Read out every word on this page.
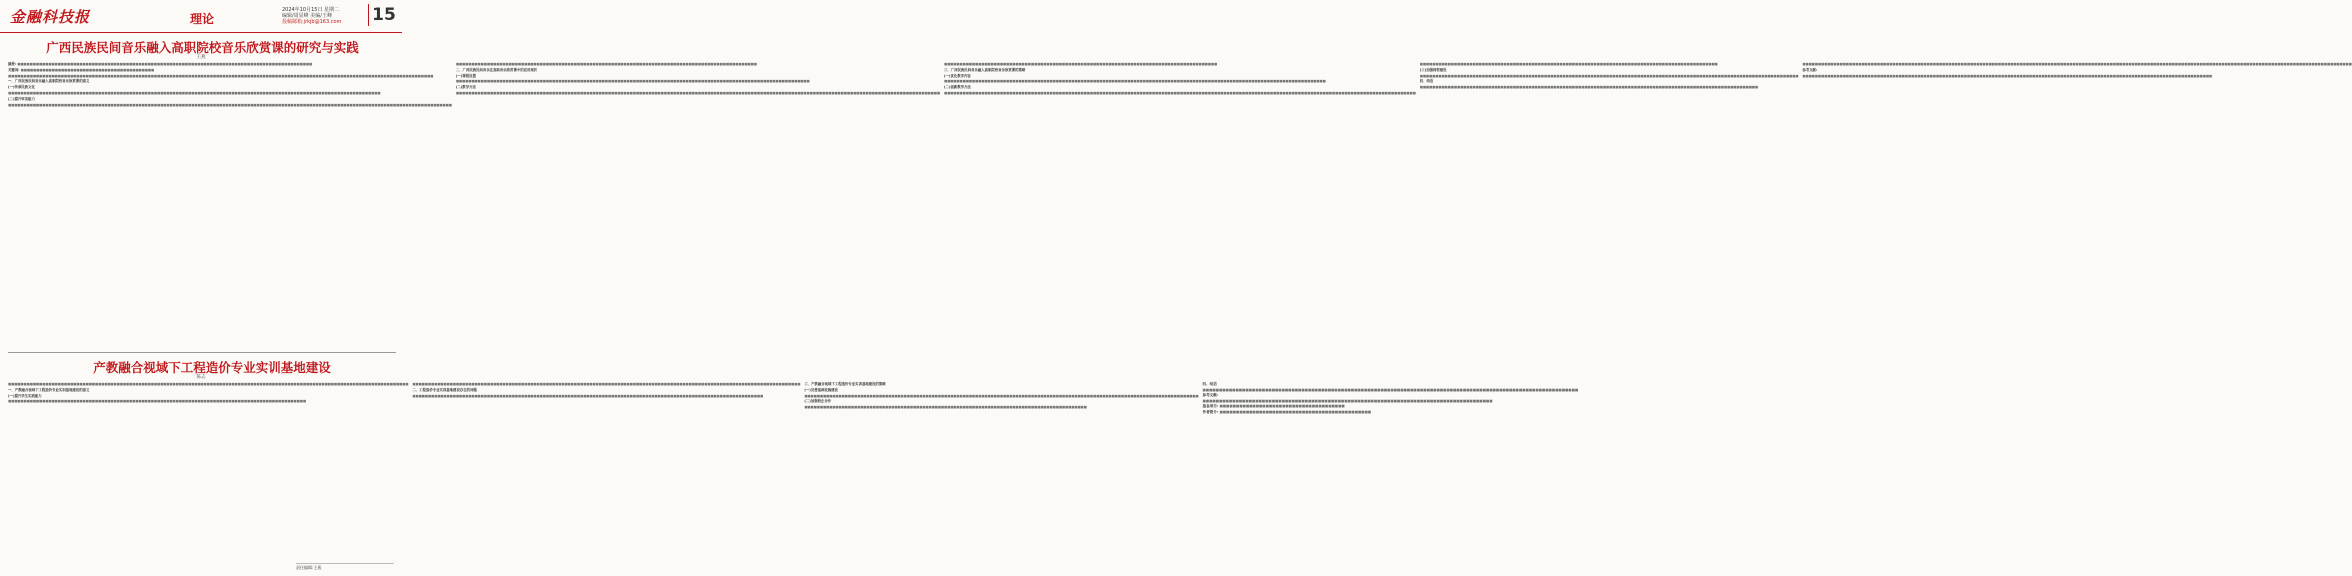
金融科技报	理论
2024年10月15日 星期二
编辑/周显峰 美编/王峰
投稿邮箱:jrkjb@163.com 15
广西民族民间音乐融入高职院校音乐欣赏课的研究与实践
王燕
摘要: ■■■■■■■■■■■■■■■■■■■■■■■■■■■■■■■■■■■■■■■■■■■■■■■■■■■■■■■■■■■■■■■■■■■■■■■■■■■■■■■■■■■■■■■■■■■■■■■
关键词: ■■■■■■■■■■■■■■■■■■■■■■■■■■■■■■■■■■■■■■■■■■■
■■■■■■■■■■■■■■■■■■■■■■■■■■■■■■■■■■■■■■■■■■■■■■■■■■■■■■■■■■■■■■■■■■■■■■■■■■■■■■■■■■■■■■■■■■■■■■■■■■■■■■■■■■■■■■■■■■■■■■■■■■■■■■■■■■■■■■■■■
一、广西民族民间音乐融入高职院校音乐欣赏课的意义
(一)传承民族文化
■■■■■■■■■■■■■■■■■■■■■■■■■■■■■■■■■■■■■■■■■■■■■■■■■■■■■■■■■■■■■■■■■■■■■■■■■■■■■■■■■■■■■■■■■■■■■■■■■■■■■■■■■■■■■■■■■■■■■■■■
(二)提升审美能力
■■■■■■■■■■■■■■■■■■■■■■■■■■■■■■■■■■■■■■■■■■■■■■■■■■■■■■■■■■■■■■■■■■■■■■■■■■■■■■■■■■■■■■■■■■■■■■■■■■■■■■■■■■■■■■■■■■■■■■■■■■■■■■■■■■■■■■■■■■■■■■■
■■■■■■■■■■■■■■■■■■■■■■■■■■■■■■■■■■■■■■■■■■■■■■■■■■■■■■■■■■■■■■■■■■■■■■■■■■■■■■■■■■■■■■■■■■■■■■■■■
二、广西民族民间音乐在高职音乐欣赏课中的应用现状
(一)课程设置
■■■■■■■■■■■■■■■■■■■■■■■■■■■■■■■■■■■■■■■■■■■■■■■■■■■■■■■■■■■■■■■■■■■■■■■■■■■■■■■■■■■■■■■■■■■■■■■■■■■■■■■■■■■■■■■■■■
(二)教学方法
■■■■■■■■■■■■■■■■■■■■■■■■■■■■■■■■■■■■■■■■■■■■■■■■■■■■■■■■■■■■■■■■■■■■■■■■■■■■■■■■■■■■■■■■■■■■■■■■■■■■■■■■■■■■■■■■■■■■■■■■■■■■■■■■■■■■■■■■■■■■■■■■■■■■■■■■■■■■
■■■■■■■■■■■■■■■■■■■■■■■■■■■■■■■■■■■■■■■■■■■■■■■■■■■■■■■■■■■■■■■■■■■■■■■■■■■■■■■■■■■■■■■■
三、广西民族民间音乐融入高职院校音乐欣赏课的策略
(一)优化教学内容
■■■■■■■■■■■■■■■■■■■■■■■■■■■■■■■■■■■■■■■■■■■■■■■■■■■■■■■■■■■■■■■■■■■■■■■■■■■■■■■■■■■■■■■■■■■■■■■■■■■■■■■■■■■■■■■■■■■■■■■■■■■
(二)创新教学方法
■■■■■■■■■■■■■■■■■■■■■■■■■■■■■■■■■■■■■■■■■■■■■■■■■■■■■■■■■■■■■■■■■■■■■■■■■■■■■■■■■■■■■■■■■■■■■■■■■■■■■■■■■■■■■■■■■■■■■■■■■■■■■■■■■■■■■■■■■■■■■■■■■■■■■■■■
■■■■■■■■■■■■■■■■■■■■■■■■■■■■■■■■■■■■■■■■■■■■■■■■■■■■■■■■■■■■■■■■■■■■■■■■■■■■■■■■■■■■■■■■■■■■■■■■
(三)加强师资建设
■■■■■■■■■■■■■■■■■■■■■■■■■■■■■■■■■■■■■■■■■■■■■■■■■■■■■■■■■■■■■■■■■■■■■■■■■■■■■■■■■■■■■■■■■■■■■■■■■■■■■■■■■■■■■■■■■■■■■■■■■■
四、结语
■■■■■■■■■■■■■■■■■■■■■■■■■■■■■■■■■■■■■■■■■■■■■■■■■■■■■■■■■■■■■■■■■■■■■■■■■■■■■■■■■■■■■■■■■■■■■■■■■■■■■■■■■■■■■
■■■■■■■■■■■■■■■■■■■■■■■■■■■■■■■■■■■■■■■■■■■■■■■■■■■■■■■■■■■■■■■■■■■■■■■■■■■■■■■■■■■■■■■■■■■■■■■■■■■■■■■■■■■■■■■■■■■■■■■■■■■■■■■■■■■■■■■■■■■■■■■■■■■■■■■■■■■■■■■■■■■■■■■■■■■■■■■■■
参考文献:
■■■■■■■■■■■■■■■■■■■■■■■■■■■■■■■■■■■■■■■■■■■■■■■■■■■■■■■■■■■■■■■■■■■■■■■■■■■■■■■■■■■■■■■■■■■■■■■■■■■■■■■■■■■■■■■■■■■■■■■■■■■■■■■■■■■■
产教融合视域下工程造价专业实训基地建设
陈志
■■■■■■■■■■■■■■■■■■■■■■■■■■■■■■■■■■■■■■■■■■■■■■■■■■■■■■■■■■■■■■■■■■■■■■■■■■■■■■■■■■■■■■■■■■■■■■■■■■■■■■■■■■■■■■■■■■■■■■■■■■■■■■■■■
一、产教融合视域下工程造价专业实训基地建设的意义
(一)提升学生实践能力
■■■■■■■■■■■■■■■■■■■■■■■■■■■■■■■■■■■■■■■■■■■■■■■■■■■■■■■■■■■■■■■■■■■■■■■■■■■■■■■■■■■■■■■■■■■■■■■■
■■■■■■■■■■■■■■■■■■■■■■■■■■■■■■■■■■■■■■■■■■■■■■■■■■■■■■■■■■■■■■■■■■■■■■■■■■■■■■■■■■■■■■■■■■■■■■■■■■■■■■■■■■■■■■■■■■■■■■■■■■■■■
二、工程造价专业实训基地建设存在的问题
■■■■■■■■■■■■■■■■■■■■■■■■■■■■■■■■■■■■■■■■■■■■■■■■■■■■■■■■■■■■■■■■■■■■■■■■■■■■■■■■■■■■■■■■■■■■■■■■■■■■■■■■■■■■■■■■■
三、产教融合视域下工程造价专业实训基地建设的策略
(一)完善基础设施建设
■■■■■■■■■■■■■■■■■■■■■■■■■■■■■■■■■■■■■■■■■■■■■■■■■■■■■■■■■■■■■■■■■■■■■■■■■■■■■■■■■■■■■■■■■■■■■■■■■■■■■■■■■■■■■■■■■■■■■■■■■■■■■■■
(二)加强校企合作
■■■■■■■■■■■■■■■■■■■■■■■■■■■■■■■■■■■■■■■■■■■■■■■■■■■■■■■■■■■■■■■■■■■■■■■■■■■■■■■■■■■■■■■■■■■
四、结语
■■■■■■■■■■■■■■■■■■■■■■■■■■■■■■■■■■■■■■■■■■■■■■■■■■■■■■■■■■■■■■■■■■■■■■■■■■■■■■■■■■■■■■■■■■■■■■■■■■■■■■■■■■■■■■■■■■
参考文献:
■■■■■■■■■■■■■■■■■■■■■■■■■■■■■■■■■■■■■■■■■■■■■■■■■■■■■■■■■■■■■■■■■■■■■■■■■■■■■■■■■■■■■■■■
基金项目: ■■■■■■■■■■■■■■■■■■■■■■■■■■■■■■■■■■■■■■
作者简介: ■■■■■■■■■■■■■■■■■■■■■■■■■■■■■■■■■■■■■■■■■■■■■■
责任编辑:王燕
